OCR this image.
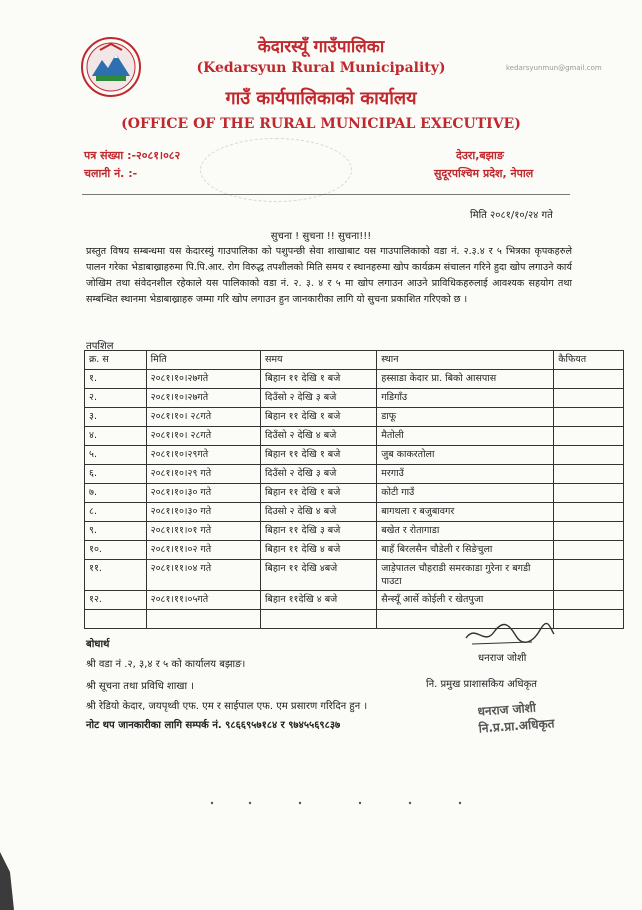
केदारस्यूँ गाउँपालिका
(Kedarsyun Rural Municipality)
गाउँ कार्यपालिकाको कार्यालय
(OFFICE OF THE RURAL MUNICIPAL EXECUTIVE)
kedarsyunmun@gmail.com
पत्र संख्या :-२०८१।०८२
चलानी नं. :-
देउरा,बझाङ
सुदूरपश्चिम प्रदेश, नेपाल
मिति २०८१/१०/२४ गते
सुचना ! सुचना !! सुचना!!!
प्रस्तुत विषय सम्बन्धमा यस केदारस्युं गाउपालिका को पशुपन्छी सेवा शाखाबाट यस गाउपालिकाको वडा नं. २.३.४ र ५ भित्रका कृपकहरुले पालन गरेका भेडाबाख्राहरुमा पि.पि.आर. रोग विरुद्ध तपशीलको मिति समय र स्थानहरुमा खोप कार्यक्रम संचालन गरिने हुदा खोप लगाउने कार्य जोखिम तथा संवेदनशील रहेकाले यस पालिकाको वडा नं. २. ३. ४ र ५ मा खोप लगाउन आउने प्राविधिकहरुलाई आवश्यक सहयोग तथा सम्बन्धित स्थानमा भेडाबाख्राहरु जम्मा गरि खोप लगाउन हुन जानकारीका लागि यो सुचना प्रकाशित गरिएको छ ।
तपशिल
क्र. स	मिति	समय	स्थान	कैफियत
१.	२०८१।१०।२७गते	बिहान ११ देखि १ बजे	हस्साडा केदार प्रा. बिको आसपास	
२.	२०८१।१०।२७गते	दिउँसो २ देखि ३ बजे	गडिगाँउ	
३.	२०८१।१०। २८गते	बिहान ११ देखि १ बजे	डाफू	
४.	२०८१।१०। २८गते	दिउँसो २ देखि ४ बजे	मैतोली	
५.	२०८१।१०।२९गते	बिहान ११ देखि १ बजे	जुब काकरतोला	
६.	२०८१।१०।२९ गते	दिउँसो २ देखि ३ बजे	मरगाउँ	
७.	२०८१।१०।३० गते	बिहान ११ देखि १ बजे	कोटी गाउँ	
८.	२०८१।१०।३० गते	दिउसो २ देखि ४ बजे	बागथला र बजुबावगर	
९.	२०८१।११।०१ गते	बिहान ११ देखि ३ बजे	बखेत र रोतागाडा	
१०.	२०८१।११।०२ गते	बिहान ११ देखि ४ बजे	बाहँ बिरलसैन चौडेली र सिङेचुला	
११.	२०८१।११।०४ गते	बिहान ११ देखि ४बजे	जाड़ेपातल चौहराडी समरकाडा गुरेना र बगडी पाउटा	
१२.	२०८१।११।०५गते	बिहान ११देखि ४ बजे	सैन्स्यूँ आर्से कोईली र खेतपुजा	

बोधार्थ
धनराज जोशी
श्री वडा नं .२, ३,४ र ५ को कार्यालय बझाङ।
नि. प्रमुख प्राशासकिय अधिकृत
श्री सूचना तथा प्रविधि शाखा ।
श्री रेडियो केदार, जयपृथ्वी एफ. एम र साईपाल एफ. एम प्रसारण गरिदिन हुन ।
नोट थप जानकारीका लागि सम्पर्क नं. ९८६६९५७१८४ र ९७४५५६९८३७
धनराज जोशी
नि.प्र.प्रा.अधिकृत
